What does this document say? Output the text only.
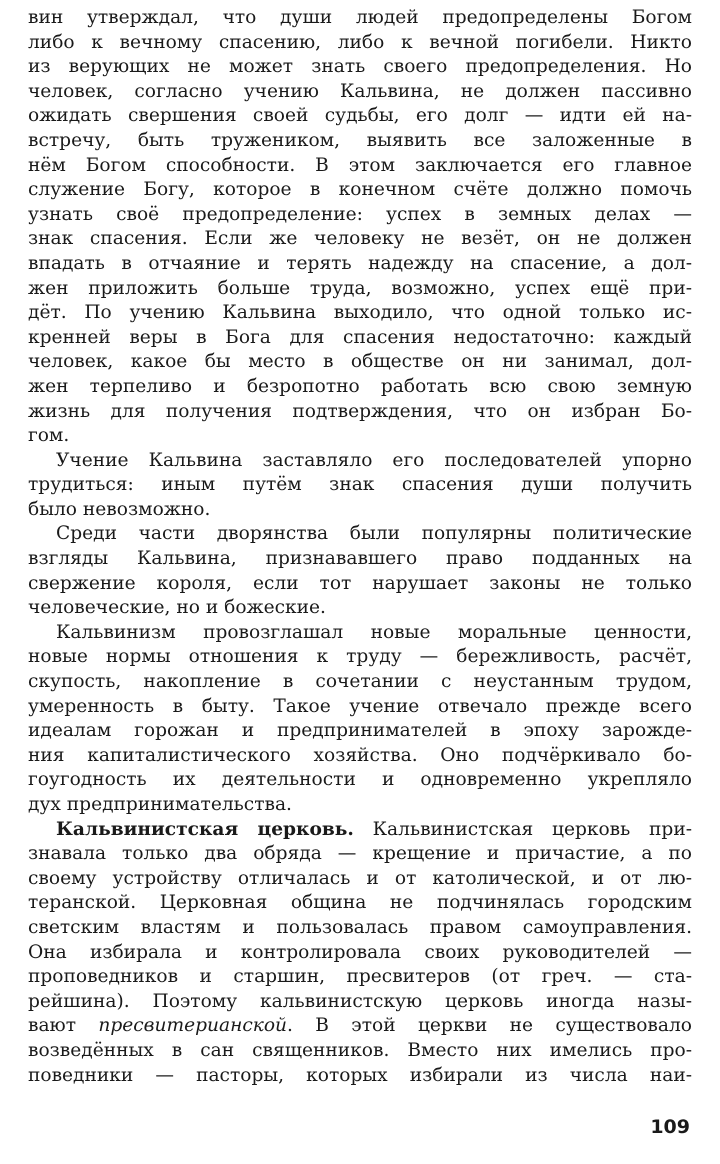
вин утверждал, что души людей предопределены Богом
либо к вечному спасению, либо к вечной погибели. Никто
из верующих не может знать своего предопределения. Но
человек, согласно учению Кальвина, не должен пассивно
ожидать свершения своей судьбы, его долг — идти ей на-
встречу, быть тружеником, выявить все заложенные в
нём Богом способности. В этом заключается его главное
служение Богу, которое в конечном счёте должно помочь
узнать своё предопределение: успех в земных делах —
знак спасения. Если же человеку не везёт, он не должен
впадать в отчаяние и терять надежду на спасение, а дол-
жен приложить больше труда, возможно, успех ещё при-
дёт. По учению Кальвина выходило, что одной только ис-
кренней веры в Бога для спасения недостаточно: каждый
человек, какое бы место в обществе он ни занимал, дол-
жен терпеливо и безропотно работать всю свою земную
жизнь для получения подтверждения, что он избран Бо-
гом.
Учение Кальвина заставляло его последователей упорно
трудиться: иным путём знак спасения души получить
было невозможно.
Среди части дворянства были популярны политические
взгляды Кальвина, признававшего право подданных на
свержение короля, если тот нарушает законы не только
человеческие, но и божеские.
Кальвинизм провозглашал новые моральные ценности,
новые нормы отношения к труду — бережливость, расчёт,
скупость, накопление в сочетании с неустанным трудом,
умеренность в быту. Такое учение отвечало прежде всего
идеалам горожан и предпринимателей в эпоху зарожде-
ния капиталистического хозяйства. Оно подчёркивало бо-
гоугодность их деятельности и одновременно укрепляло
дух предпринимательства.
Кальвинистская церковь. Кальвинистская церковь при-
знавала только два обряда — крещение и причастие, а по
своему устройству отличалась и от католической, и от лю-
теранской. Церковная община не подчинялась городским
светским властям и пользовалась правом самоуправления.
Она избирала и контролировала своих руководителей —
проповедников и старшин, пресвитеров (от греч. — ста-
рейшина). Поэтому кальвинистскую церковь иногда назы-
вают пресвитерианской. В этой церкви не существовало
возведённых в сан священников. Вместо них имелись про-
поведники — пасторы, которых избирали из числа наи-
109
